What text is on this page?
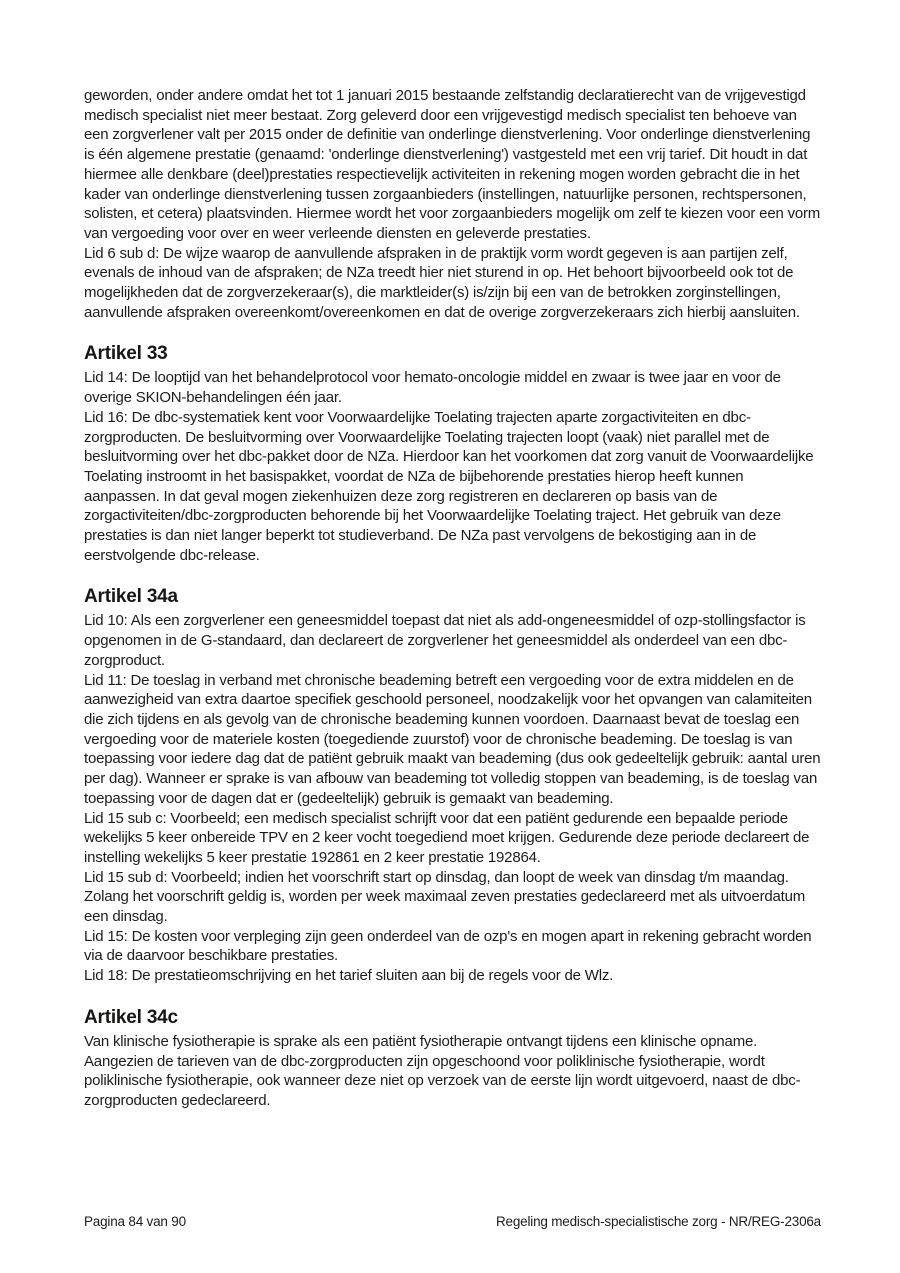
geworden, onder andere omdat het tot 1 januari 2015 bestaande zelfstandig declaratierecht van de vrijgevestigd medisch specialist niet meer bestaat. Zorg geleverd door een vrijgevestigd medisch specialist ten behoeve van een zorgverlener valt per 2015 onder de definitie van onderlinge dienstverlening. Voor onderlinge dienstverlening is één algemene prestatie (genaamd: 'onderlinge dienstverlening') vastgesteld met een vrij tarief. Dit houdt in dat hiermee alle denkbare (deel)prestaties respectievelijk activiteiten in rekening mogen worden gebracht die in het kader van onderlinge dienstverlening tussen zorgaanbieders (instellingen, natuurlijke personen, rechtspersonen, solisten, et cetera) plaatsvinden. Hiermee wordt het voor zorgaanbieders mogelijk om zelf te kiezen voor een vorm van vergoeding voor over en weer verleende diensten en geleverde prestaties.

Lid 6 sub d: De wijze waarop de aanvullende afspraken in de praktijk vorm wordt gegeven is aan partijen zelf, evenals de inhoud van de afspraken; de NZa treedt hier niet sturend in op. Het behoort bijvoorbeeld ook tot de mogelijkheden dat de zorgverzekeraar(s), die marktleider(s) is/zijn bij een van de betrokken zorginstellingen, aanvullende afspraken overeenkomt/overeenkomen en dat de overige zorgverzekeraars zich hierbij aansluiten.

Artikel 33

Lid 14: De looptijd van het behandelprotocol voor hemato-oncologie middel en zwaar is twee jaar en voor de overige SKION-behandelingen één jaar.

Lid 16: De dbc-systematiek kent voor Voorwaardelijke Toelating trajecten aparte zorgactiviteiten en dbc-zorgproducten. De besluitvorming over Voorwaardelijke Toelating trajecten loopt (vaak) niet parallel met de besluitvorming over het dbc-pakket door de NZa. Hierdoor kan het voorkomen dat zorg vanuit de Voorwaardelijke Toelating instroomt in het basispakket, voordat de NZa de bijbehorende prestaties hierop heeft kunnen aanpassen. In dat geval mogen ziekenhuizen deze zorg registreren en declareren op basis van de zorgactiviteiten/dbc-zorgproducten behorende bij het Voorwaardelijke Toelating traject. Het gebruik van deze prestaties is dan niet langer beperkt tot studieverband. De NZa past vervolgens de bekostiging aan in de eerstvolgende dbc-release.

Artikel 34a

Lid 10: Als een zorgverlener een geneesmiddel toepast dat niet als add-ongeneesmiddel of ozp-stollingsfactor is opgenomen in de G-standaard, dan declareert de zorgverlener het geneesmiddel als onderdeel van een dbc-zorgproduct.

Lid 11: De toeslag in verband met chronische beademing betreft een vergoeding voor de extra middelen en de aanwezigheid van extra daartoe specifiek geschoold personeel, noodzakelijk voor het opvangen van calamiteiten die zich tijdens en als gevolg van de chronische beademing kunnen voordoen. Daarnaast bevat de toeslag een vergoeding voor de materiele kosten (toegediende zuurstof) voor de chronische beademing. De toeslag is van toepassing voor iedere dag dat de patiënt gebruik maakt van beademing (dus ook gedeeltelijk gebruik: aantal uren per dag). Wanneer er sprake is van afbouw van beademing tot volledig stoppen van beademing, is de toeslag van toepassing voor de dagen dat er (gedeeltelijk) gebruik is gemaakt van beademing.

Lid 15 sub c: Voorbeeld; een medisch specialist schrijft voor dat een patiënt gedurende een bepaalde periode wekelijks 5 keer onbereide TPV en 2 keer vocht toegediend moet krijgen. Gedurende deze periode declareert de instelling wekelijks 5 keer prestatie 192861 en 2 keer prestatie 192864.

Lid 15 sub d: Voorbeeld; indien het voorschrift start op dinsdag, dan loopt de week van dinsdag t/m maandag. Zolang het voorschrift geldig is, worden per week maximaal zeven prestaties gedeclareerd met als uitvoerdatum een dinsdag.

Lid 15: De kosten voor verpleging zijn geen onderdeel van de ozp's en mogen apart in rekening gebracht worden via de daarvoor beschikbare prestaties.

Lid 18: De prestatieomschrijving en het tarief sluiten aan bij de regels voor de Wlz.

Artikel 34c

Van klinische fysiotherapie is sprake als een patiënt fysiotherapie ontvangt tijdens een klinische opname. Aangezien de tarieven van de dbc-zorgproducten zijn opgeschoond voor poliklinische fysiotherapie, wordt poliklinische fysiotherapie, ook wanneer deze niet op verzoek van de eerste lijn wordt uitgevoerd, naast de dbc-zorgproducten gedeclareerd.

Pagina 84 van 90	Regeling medisch-specialistische zorg - NR/REG-2306a
